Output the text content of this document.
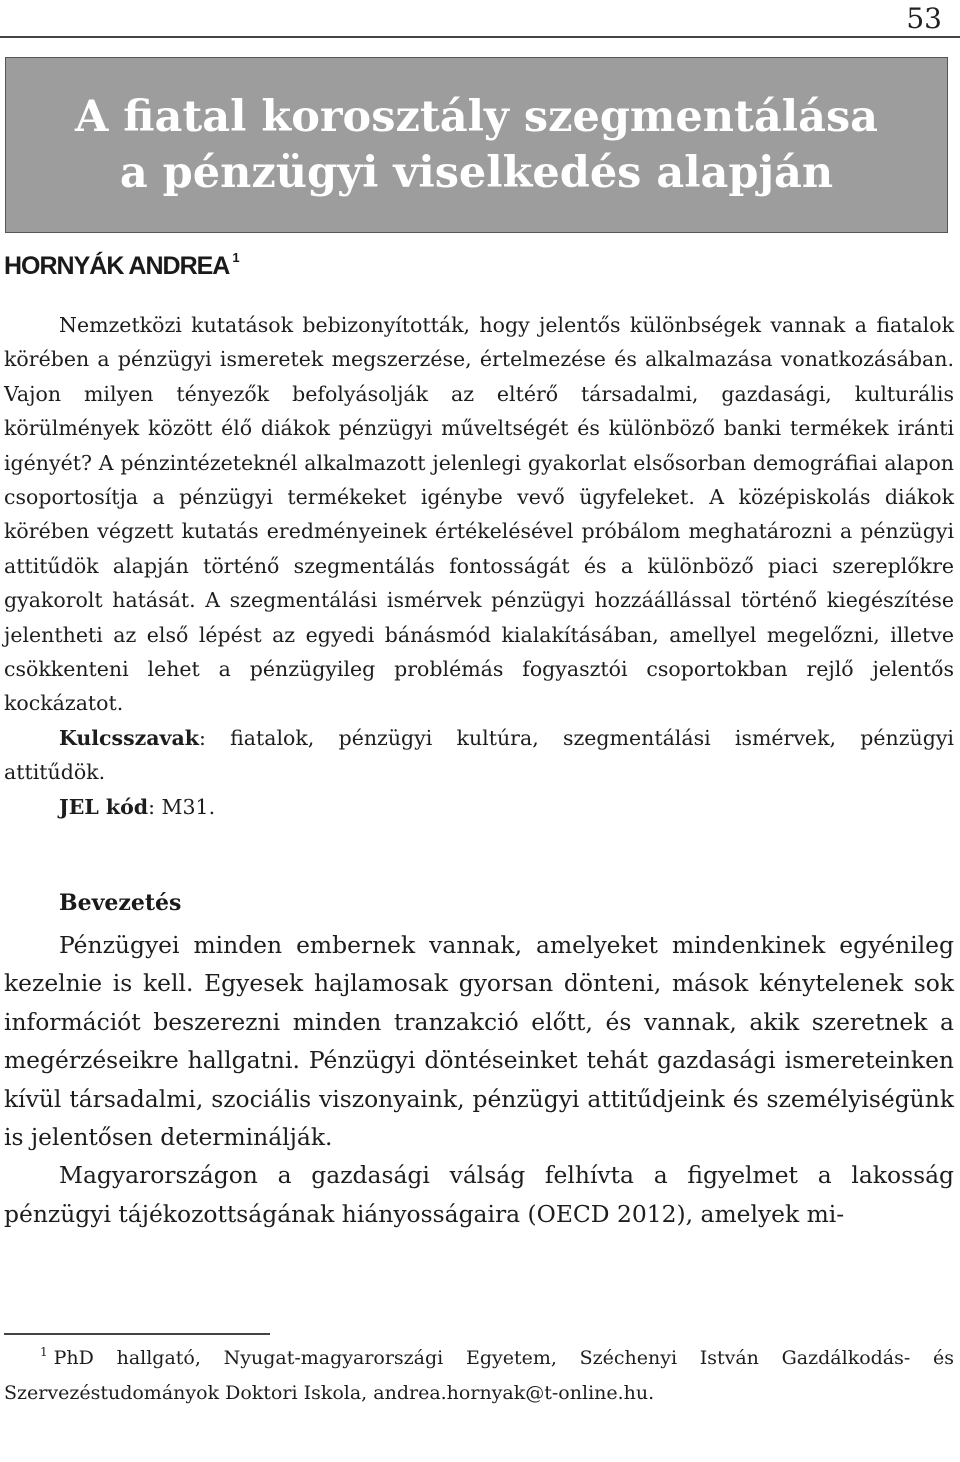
53
A fiatal korosztály szegmentálása
a pénzügyi viselkedés alapján
HORNYÁK ANDREA $^1$

Nemzetközi kutatások bebizonyították, hogy jelentős különbségek vannak a fiatalok körében a pénzügyi ismeretek megszerzése, értelmezése és alkalmazása vonatkozásában. Vajon milyen tényezők befolyásolják az eltérő társadalmi, gazdasági, kulturális körülmények között élő diákok pénzügyi műveltségét és különböző banki termékek iránti igényét? A pénzintézeteknél alkalmazott jelenlegi gyakorlat elsősorban demográfiai alapon csoportosítja a pénzügyi termékeket igénybe vevő ügyfeleket. A középiskolás diákok körében végzett kutatás eredményeinek értékelésével próbálom meghatározni a pénzügyi attitűdök alapján történő szegmentálás fontosságát és a különböző piaci szereplőkre gyakorolt hatását. A szegmentálási ismérvek pénzügyi hozzáállással történő kiegészítése jelentheti az első lépést az egyedi bánásmód kialakításában, amellyel megelőzni, illetve csökkenteni lehet a pénzügyileg problémás fogyasztói csoportokban rejlő jelentős kockázatot.

Kulcsszavak: fiatalok, pénzügyi kultúra, szegmentálási ismérvek, pénzügyi attitűdök.

JEL kód: M31.

Bevezetés

Pénzügyei minden embernek vannak, amelyeket mindenkinek egyénileg kezelnie is kell. Egyesek hajlamosak gyorsan dönteni, mások kénytelenek sok információt beszerezni minden tranzakció előtt, és vannak, akik szeretnek a megérzéseikre hallgatni. Pénzügyi döntéseinket tehát gazdasági ismereteinken kívül társadalmi, szociális viszonyaink, pénzügyi attitűdjeink és személyiségünk is jelentősen determinálják.

Magyarországon a gazdasági válság felhívta a figyelmet a lakosság pénzügyi tájékozottságának hiányosságaira (OECD 2012), amelyek mi-

$^1$ PhD hallgató, Nyugat-magyarországi Egyetem, Széchenyi István Gazdálkodás- és Szervezéstudományok Doktori Iskola, andrea.hornyak@t-online.hu.
